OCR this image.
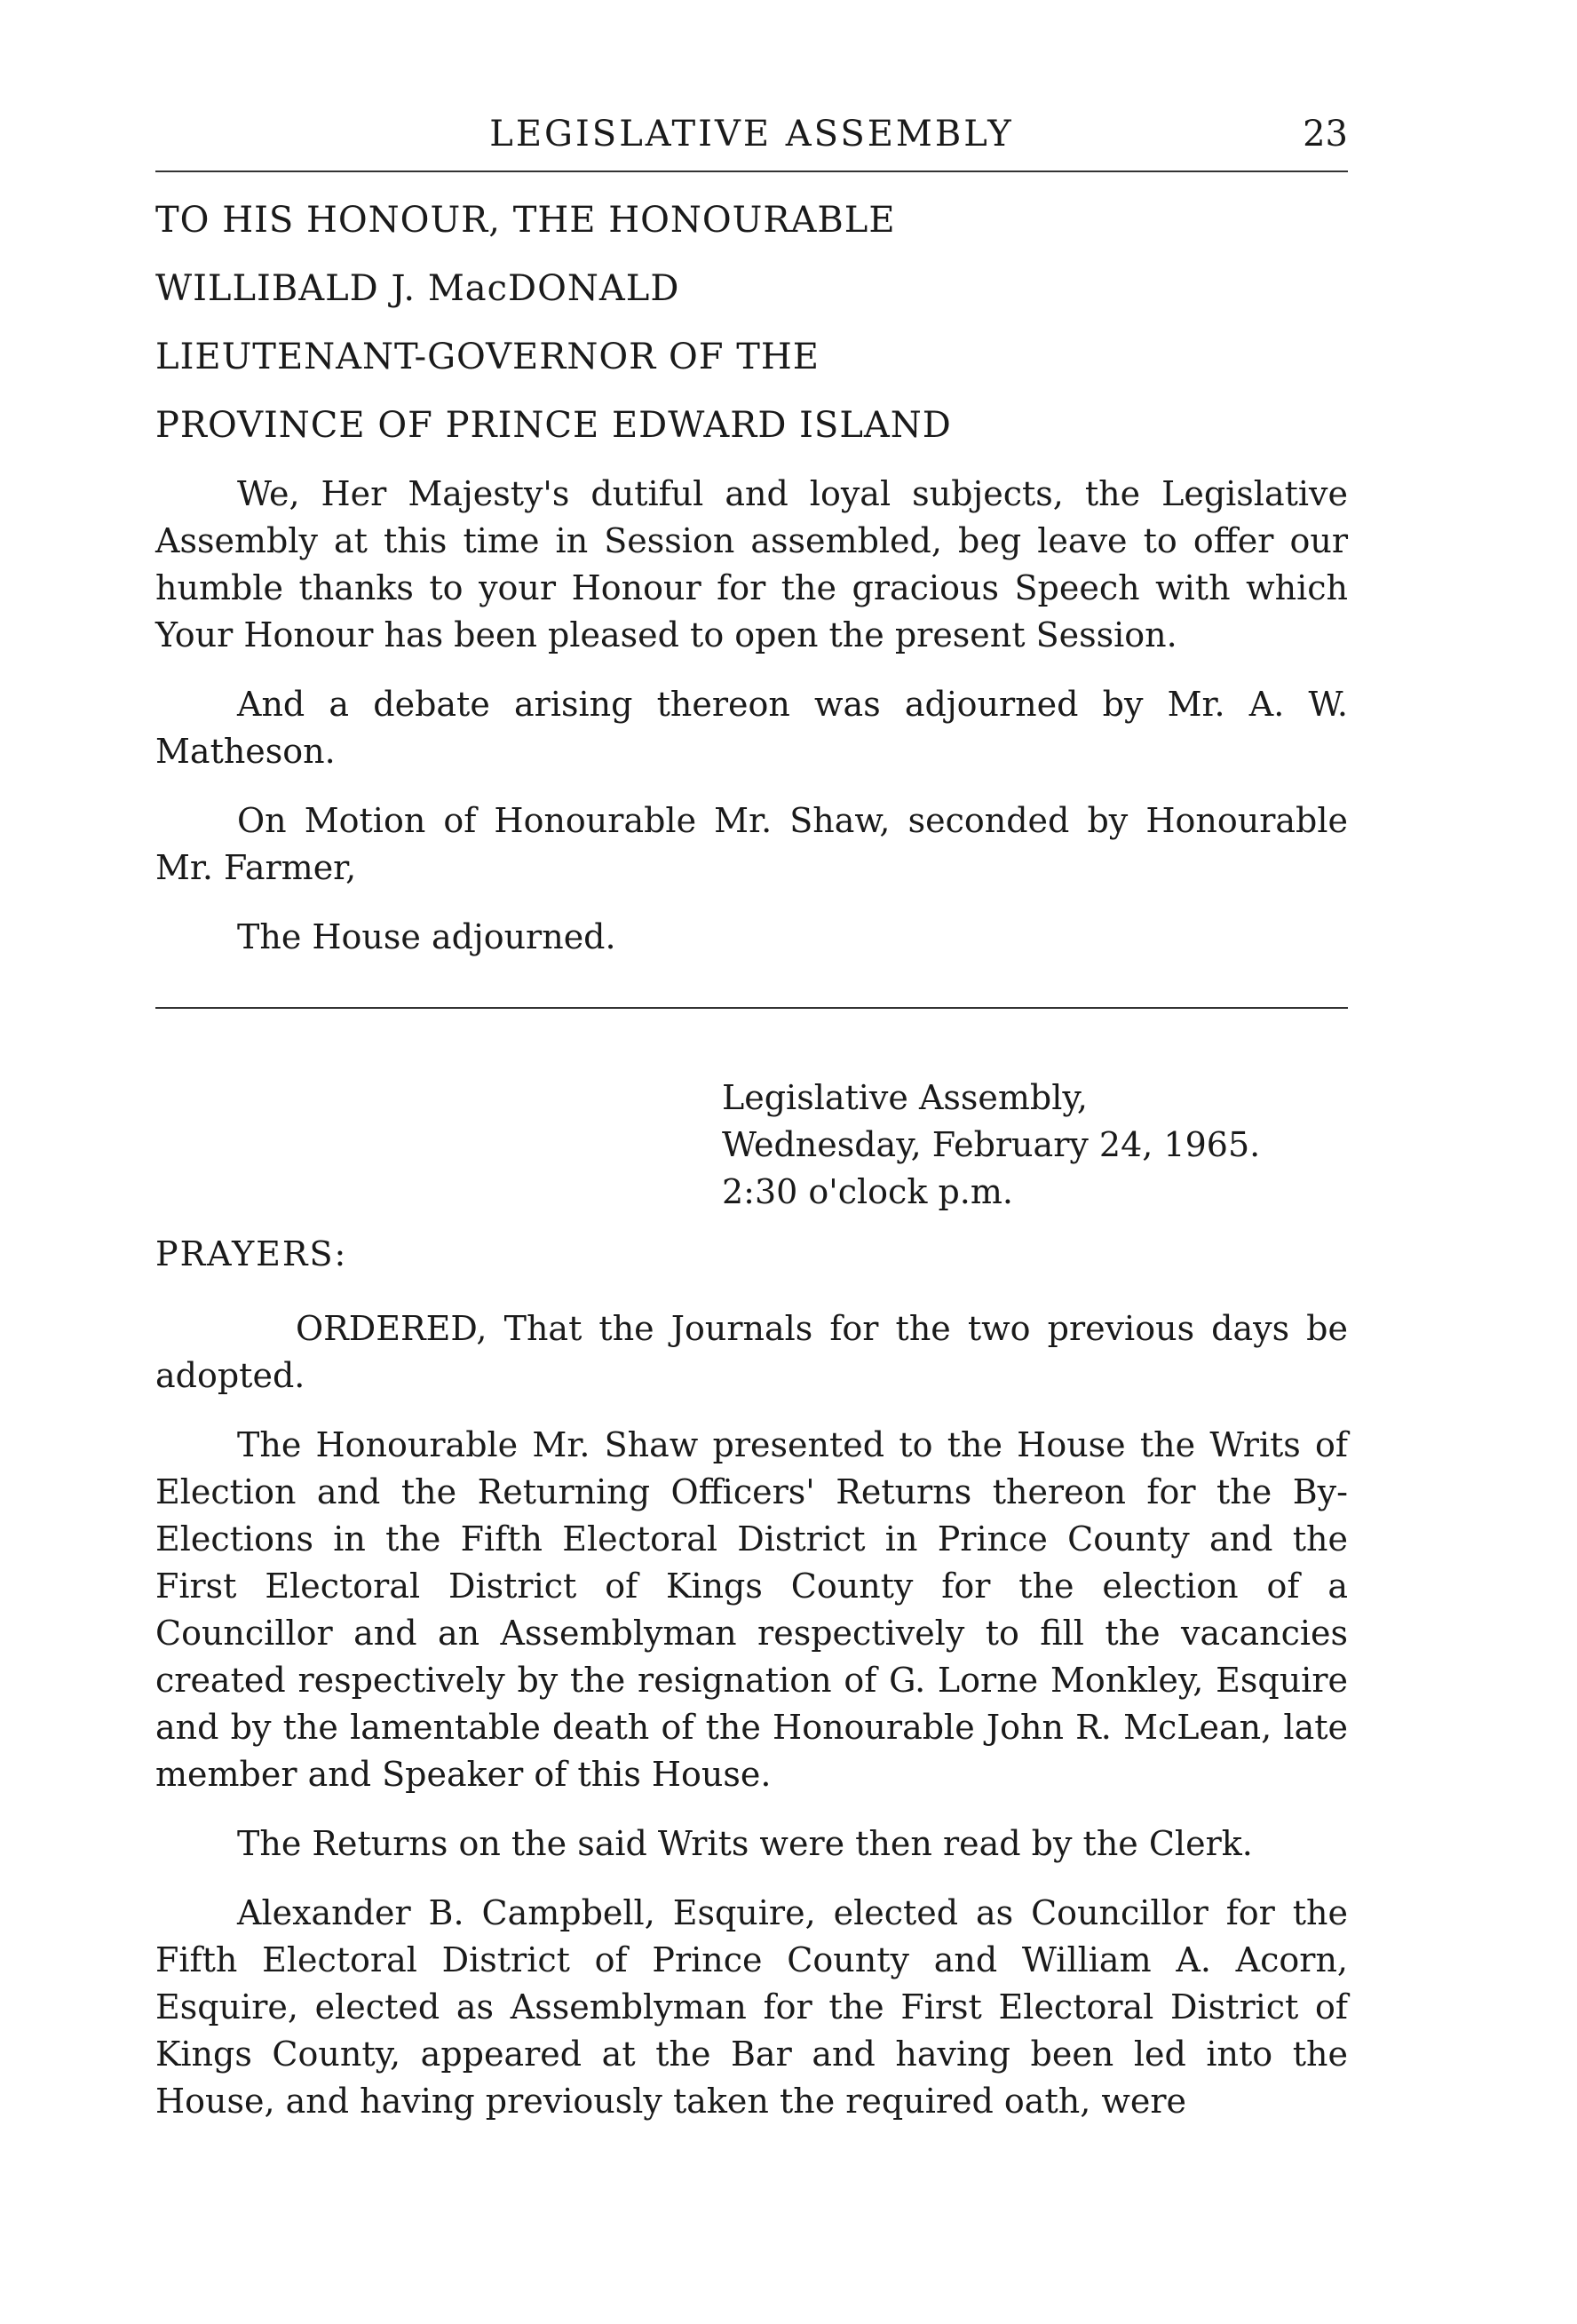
LEGISLATIVE ASSEMBLY	23
TO HIS HONOUR, THE HONOURABLE
WILLIBALD J. MacDONALD
LIEUTENANT-GOVERNOR OF THE
PROVINCE OF PRINCE EDWARD ISLAND

We, Her Majesty's dutiful and loyal subjects, the Legislative Assembly at this time in Session assembled, beg leave to offer our humble thanks to your Honour for the gracious Speech with which Your Honour has been pleased to open the present Session.

And a debate arising thereon was adjourned by Mr. A. W. Matheson.

On Motion of Honourable Mr. Shaw, seconded by Honourable Mr. Farmer,

The House adjourned.

Legislative Assembly,
Wednesday, February 24, 1965.
2:30 o'clock p.m.
PRAYERS:

ORDERED, That the Journals for the two previous days be adopted.

The Honourable Mr. Shaw presented to the House the Writs of Election and the Returning Officers' Returns thereon for the By-Elections in the Fifth Electoral District in Prince County and the First Electoral District of Kings County for the election of a Councillor and an Assemblyman respectively to fill the vacancies created respectively by the resignation of G. Lorne Monkley, Esquire and by the lamentable death of the Honourable John R. McLean, late member and Speaker of this House.

The Returns on the said Writs were then read by the Clerk.

Alexander B. Campbell, Esquire, elected as Councillor for the Fifth Electoral District of Prince County and William A. Acorn, Esquire, elected as Assemblyman for the First Electoral District of Kings County, appeared at the Bar and having been led into the House, and having previously taken the required oath, were
